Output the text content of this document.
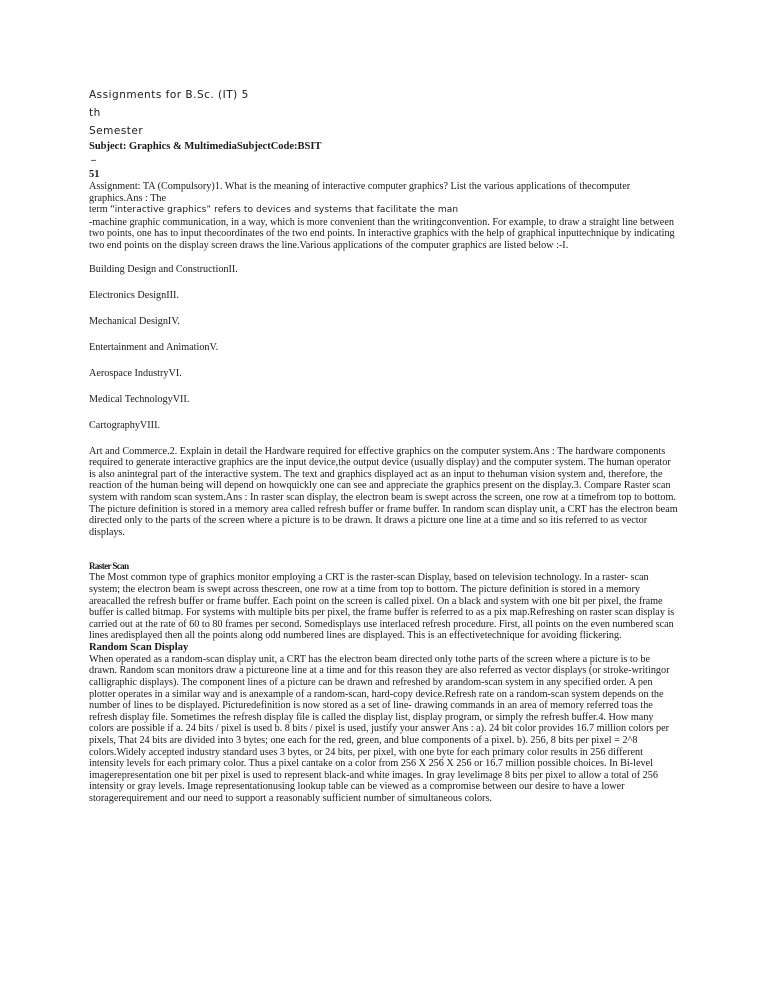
Assignments for B.Sc. (IT) 5
th
Semester
Subject: Graphics & MultimediaSubjectCode:BSIT
–
51
Assignment: TA (Compulsory)1. What is the meaning of interactive computer graphics? List the various applications of thecomputer graphics.Ans : The
term “interactive graphics” refers to devices and systems that facilitate the man
-machine graphic communication, in a way, which is more convenient than the writingconvention. For example, to draw a straight line between two points, one has to input thecoordinates of the two end points. In interactive graphics with the help of graphical inputtechnique by indicating two end points on the display screen draws the line.Various applications of the computer graphics are listed below :-I.
Building Design and ConstructionII.
Electronics DesignIII.
Mechanical DesignIV.
Entertainment and AnimationV.
Aerospace IndustryVI.
Medical TechnologyVII.
CartographyVIII.
Art and Commerce.2. Explain in detail the Hardware required for effective graphics on the computer system.Ans : The hardware components required to generate interactive graphics are the input device,the output device (usually display) and the computer system. The human operator is also anintegral part of the interactive system. The text and graphics displayed act as an input to thehuman vision system and, therefore, the reaction of the human being will depend on howquickly one can see and appreciate the graphics present on the display.3. Compare Raster scan system with random scan system.Ans : In raster scan display, the electron beam is swept across the screen, one row at a timefrom top to bottom. The picture definition is stored in a memory area called refresh buffer or frame buffer. In random scan display unit, a CRT has the electron beam directed only to the parts of the screen where a picture is to be drawn. It draws a picture one line at a time and so itis referred to as vector displays.
Raster Scan
The Most common type of graphics monitor employing a CRT is the raster-scan Display, based on television technology. In a raster- scan system; the electron beam is swept across thescreen, one row at a time from top to bottom. The picture definition is stored in a memory areacalled the refresh buffer or frame buffer. Each point on the screen is called pixel. On a black and system with one bit per pixel, the frame buffer is called bitmap. For systems with multiple bits per pixel, the frame buffer is referred to as a pix map.Refreshing on raster scan display is carried out at the rate of 60 to 80 frames per second. Somedisplays use interlaced refresh procedure. First, all points on the even numbered scan lines aredisplayed then all the points along odd numbered lines are displayed. This is an effectivetechnique for avoiding flickering.
Random Scan Display
When operated as a random-scan display unit, a CRT has the electron beam directed only tothe parts of the screen where a picture is to be drawn. Random scan monitors draw a pictureone line at a time and for this reason they are also referred as vector displays (or stroke-writingor calligraphic displays). The component lines of a picture can be drawn and refreshed by arandom-scan system in any specified order. A pen plotter operates in a similar way and is anexample of a random-scan, hard-copy device.Refresh rate on a random-scan system depends on the number of lines to be displayed. Picturedefinition is now stored as a set of line- drawing commands in an area of memory referred toas the refresh display file. Sometimes the refresh display file is called the display list, display program, or simply the refresh buffer.4. How many colors are possible if a. 24 bits / pixel is used b. 8 bits / pixel is used, justify your answer Ans : a). 24 bit color provides 16.7 million colors per pixels, That 24 bits are divided into 3 bytes; one each for the red, green, and blue components of a pixel. b). 256, 8 bits per pixel = 2^8 colors.Widely accepted industry standard uses 3 bytes, or 24 bits, per pixel, with one byte for each primary color results in 256 different intensity levels for each primary color. Thus a pixel cantake on a color from 256 X 256 X 256 or 16.7 million possible choices. In Bi-level imagerepresentation one bit per pixel is used to represent black-and white images. In gray levelimage 8 bits per pixel to allow a total of 256 intensity or gray levels. Image representationusing lookup table can be viewed as a compromise between our desire to have a lower storagerequirement and our need to support a reasonably sufficient number of simultaneous colors.
